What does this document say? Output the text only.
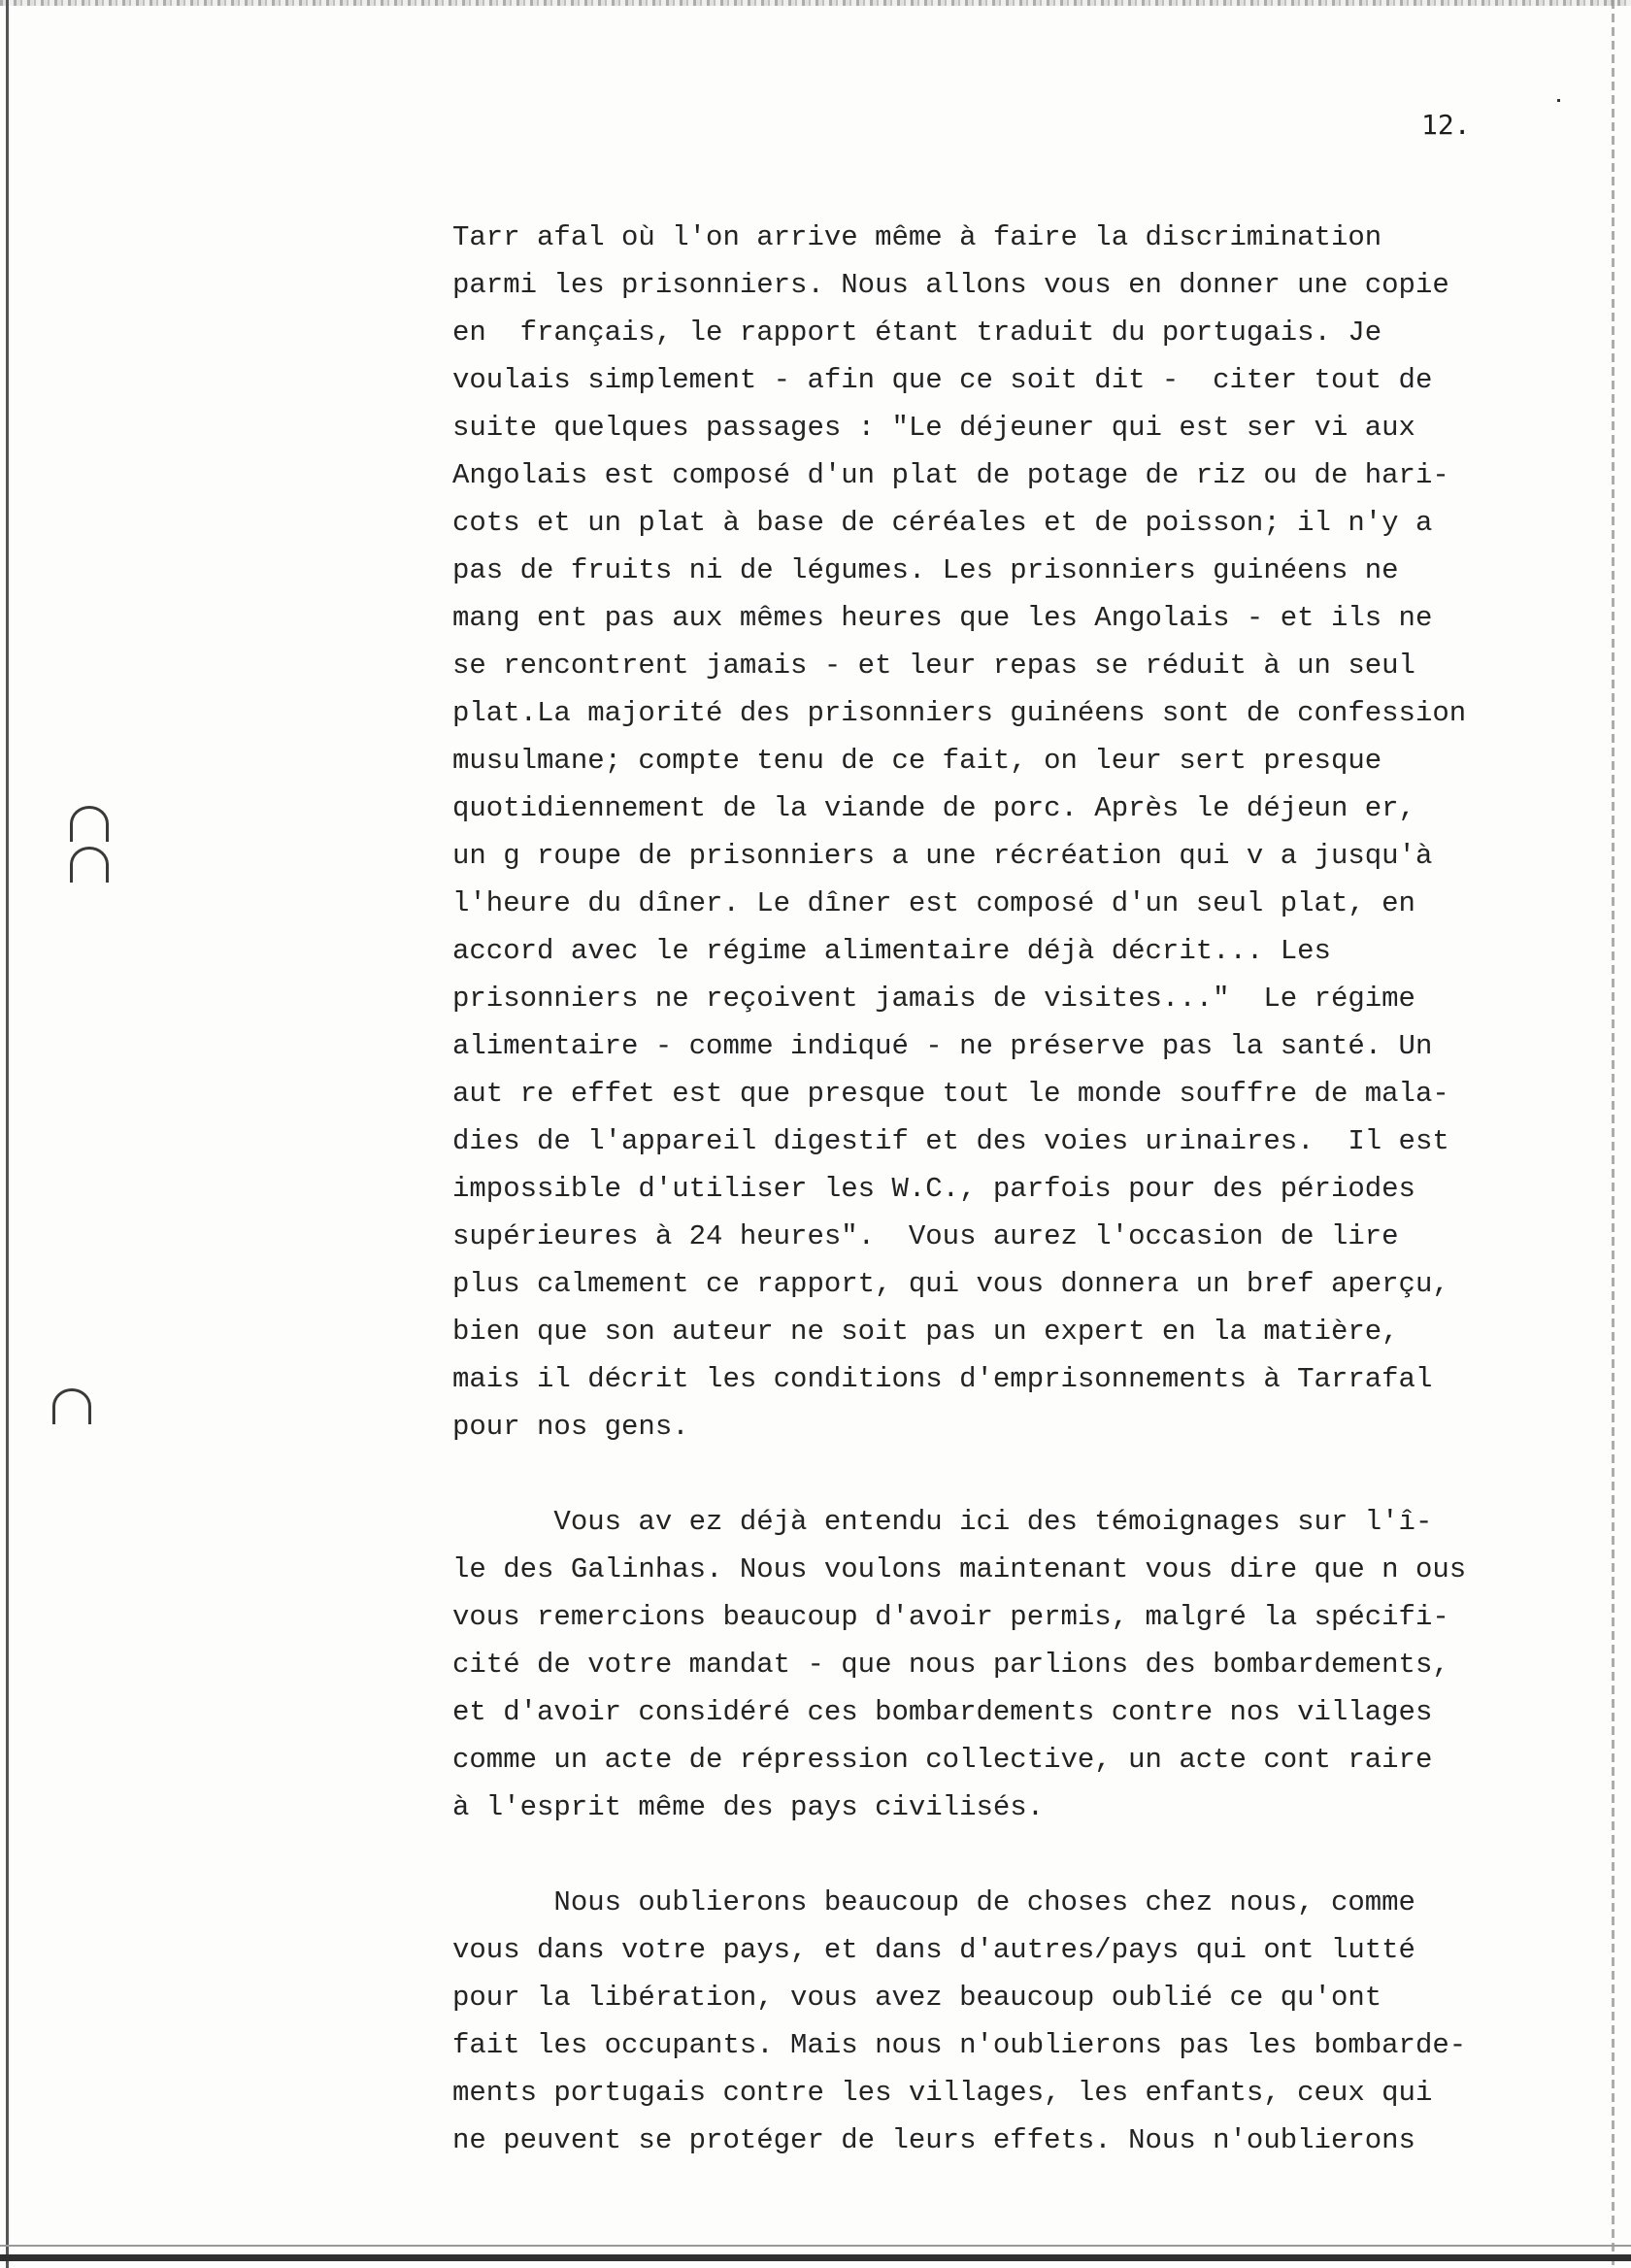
12.
Tarr afal où l'on arrive même à faire la discrimination
parmi les prisonniers. Nous allons vous en donner une copie
en  français, le rapport étant traduit du portugais. Je
voulais simplement - afin que ce soit dit -  citer tout de
suite quelques passages : "Le déjeuner qui est ser vi aux
Angolais est composé d'un plat de potage de riz ou de hari-
cots et un plat à base de céréales et de poisson; il n'y a
pas de fruits ni de légumes. Les prisonniers guinéens ne
mang ent pas aux mêmes heures que les Angolais - et ils ne
se rencontrent jamais - et leur repas se réduit à un seul
plat.La majorité des prisonniers guinéens sont de confession
musulmane; compte tenu de ce fait, on leur sert presque
quotidiennement de la viande de porc. Après le déjeun er,
un g roupe de prisonniers a une récréation qui v a jusqu'à
l'heure du dîner. Le dîner est composé d'un seul plat, en
accord avec le régime alimentaire déjà décrit... Les
prisonniers ne reçoivent jamais de visites..."  Le régime
alimentaire - comme indiqué - ne préserve pas la santé. Un
aut re effet est que presque tout le monde souffre de mala-
dies de l'appareil digestif et des voies urinaires.  Il est
impossible d'utiliser les W.C., parfois pour des périodes
supérieures à 24 heures".  Vous aurez l'occasion de lire
plus calmement ce rapport, qui vous donnera un bref aperçu,
bien que son auteur ne soit pas un expert en la matière,
mais il décrit les conditions d'emprisonnements à Tarrafal
pour nos gens.
Vous av ez déjà entendu ici des témoignages sur l'î-
le des Galinhas. Nous voulons maintenant vous dire que n ous
vous remercions beaucoup d'avoir permis, malgré la spécifi-
cité de votre mandat - que nous parlions des bombardements,
et d'avoir considéré ces bombardements contre nos villages
comme un acte de répression collective, un acte cont raire
à l'esprit même des pays civilisés.
Nous oublierons beaucoup de choses chez nous, comme
vous dans votre pays, et dans d'autres/pays qui ont lutté
pour la libération, vous avez beaucoup oublié ce qu'ont
fait les occupants. Mais nous n'oublierons pas les bombarde-
ments portugais contre les villages, les enfants, ceux qui
ne peuvent se protéger de leurs effets. Nous n'oublierons
